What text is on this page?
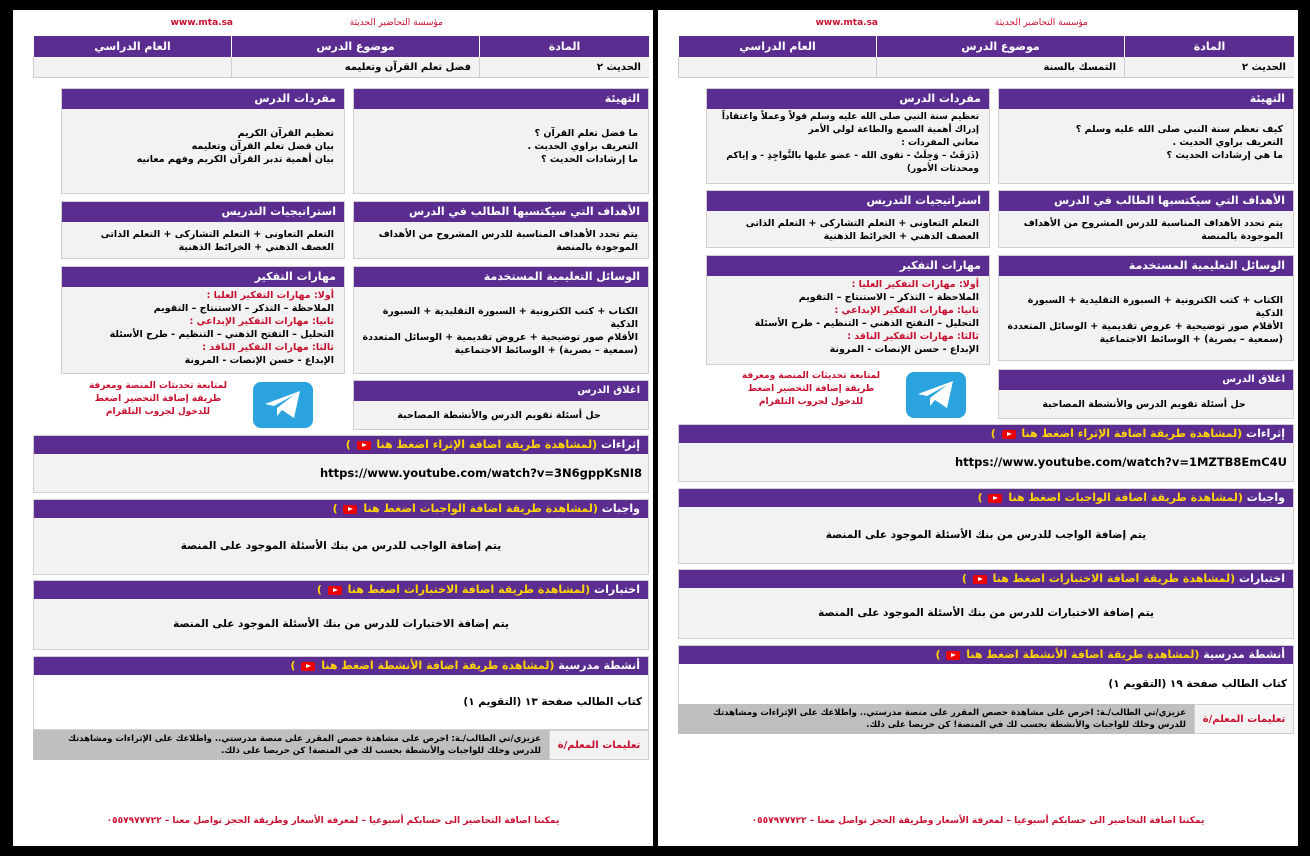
مؤسسة التحاضير الحديثة
www.mta.sa
المادة
موضوع الدرس
العام الدراسي
الحديث ٢
فضل تعلم القرآن وتعليمه
التهيئة
ما فضل تعلم القرآن ؟
التعريف براوي الحديث .
ما إرشادات الحديث ؟
مفردات الدرس
تعظيم القرآن الكريم
بيان فضل تعلم القرآن وتعليمه
بيان أهمية تدبر القرآن الكريم وفهم معانيه
الأهداف التي سيكتسبها الطالب في الدرس
يتم تحدد الأهداف المناسبة للدرس المشروح من الأهداف الموجودة بالمنصة
استراتيجيات التدريس
التعلم التعاونى + التعلم التشاركى + التعلم الذاتى
العصف الذهني + الخرائط الذهنية
الوسائل التعليمية المستخدمة
الكتاب + كتب الكترونية + السبورة التقليدية + السبورة الذكية
الأقلام صور توضيحية + عروض تقديمية + الوسائل المتعددة
(سمعية – بصرية) + الوسائط الاجتماعية
مهارات التفكير
أولا: مهارات التفكير العليا :
الملاحظة – التذكر – الاستنتاج – التقويم
ثانيا: مهارات التفكير الإبداعي :
التحليل – التفتح الذهني – التنظيم - طرح الأسئلة
ثالثا: مهارات التفكير الناقد :
الإبداع - حسن الإنصات - المرونة
اغلاق الدرس
حل أسئلة تقويم الدرس والأنشطة المصاحبة
لمتابعة تحديثات المنصة ومعرفة طريقة إضافة التحضير اضغط للدخول لجروب التلقرام
إثراءات (لمشاهدة طريقة اضافة الإثراء اضغط هنا  )
https://www.youtube.com/watch?v=3N6gppKsNI8
واجبات (لمشاهدة طريقة اضافة الواجبات اضغط هنا  )
يتم إضافة الواجب للدرس من بنك الأسئلة الموجود على المنصة
اختبارات (لمشاهدة طريقة اضافة الاختبارات اضغط هنا  )
يتم إضافة الاختبارات للدرس من بنك الأسئلة الموجود على المنصة
أنشطة مدرسية (لمشاهدة طريقة اضافة الأنشطة اضغط هنا  )
كتاب الطالب صفحة ١٣ (التقويم ١)
تعليمات المعلم/ة
عزيزي/تي الطالب/ـة: احرص على مشاهدة حصص المقرر على منصة مدرستي.. واطلاعك على الإثراءات ومشاهدتك للدرس وحلك للواجبات والأنشطة بحسب لك في المنصة! كن حريصا على ذلك.
يمكننا اضافة التحاضير الى حسابكم أسبوعيا – لمعرفة الأسعار وطريقة الحجز تواصل معنا – ٠٥٥٧٩٧٧٧٢٢
مؤسسة التحاضير الحديثة
www.mta.sa
المادة
موضوع الدرس
العام الدراسي
الحديث ٢
التمسك بالسنة
التهيئة
كيف نعظم سنة النبي صلى الله عليه وسلم ؟
التعريف براوي الحديث .
ما هي إرشادات الحديث ؟
مفردات الدرس
تعظيم سنة النبي صلى الله عليه وسلم قولاً وعملاً واعتقاداً
إدراك أهمية السمع والطاعة لولي الأمر
معاني المفردات :
(ذَرَفَتْ – وَجِلَتْ - تقوى الله - عضو عليها بالنَّواجِذِ - و إياكم
ومحدثات الأمور)
الأهداف التي سيكتسبها الطالب في الدرس
يتم تحدد الأهداف المناسبة للدرس المشروح من الأهداف الموجودة بالمنصة
استراتيجيات التدريس
التعلم التعاونى + التعلم التشاركى + التعلم الذاتى
العصف الذهني + الخرائط الذهنية
الوسائل التعليمية المستخدمة
الكتاب + كتب الكترونية + السبورة التقليدية + السبورة الذكية
الأقلام صور توضيحية + عروض تقديمية + الوسائل المتعددة
(سمعية – بصرية) + الوسائط الاجتماعية
مهارات التفكير
أولا: مهارات التفكير العليا :
الملاحظة – التذكر – الاستنتاج – التقويم
ثانيا: مهارات التفكير الإبداعي :
التحليل – التفتح الذهني – التنظيم - طرح الأسئلة
ثالثا: مهارات التفكير الناقد :
الإبداع - حسن الإنصات - المرونة
اغلاق الدرس
حل أسئلة تقويم الدرس والأنشطة المصاحبة
لمتابعة تحديثات المنصة ومعرفة طريقة إضافة التحضير اضغط للدخول لجروب التلقرام
إثراءات (لمشاهدة طريقة اضافة الإثراء اضغط هنا  )
https://www.youtube.com/watch?v=1MZTB8EmC4U
واجبات (لمشاهدة طريقة اضافة الواجبات اضغط هنا  )
يتم إضافة الواجب للدرس من بنك الأسئلة الموجود على المنصة
اختبارات (لمشاهدة طريقة اضافة الاختبارات اضغط هنا  )
يتم إضافة الاختبارات للدرس من بنك الأسئلة الموجود على المنصة
أنشطة مدرسية (لمشاهدة طريقة اضافة الأنشطة اضغط هنا  )
كتاب الطالب صفحة ١٩ (التقويم ١)
تعليمات المعلم/ة
عزيزي/تي الطالب/ـة: احرص على مشاهدة حصص المقرر على منصة مدرستي.. واطلاعك على الإثراءات ومشاهدتك للدرس وحلك للواجبات والأنشطة بحسب لك في المنصة! كن حريصا على ذلك.
يمكننا اضافة التحاضير الى حسابكم أسبوعيا – لمعرفة الأسعار وطريقة الحجز تواصل معنا – ٠٥٥٧٩٧٧٧٢٢
